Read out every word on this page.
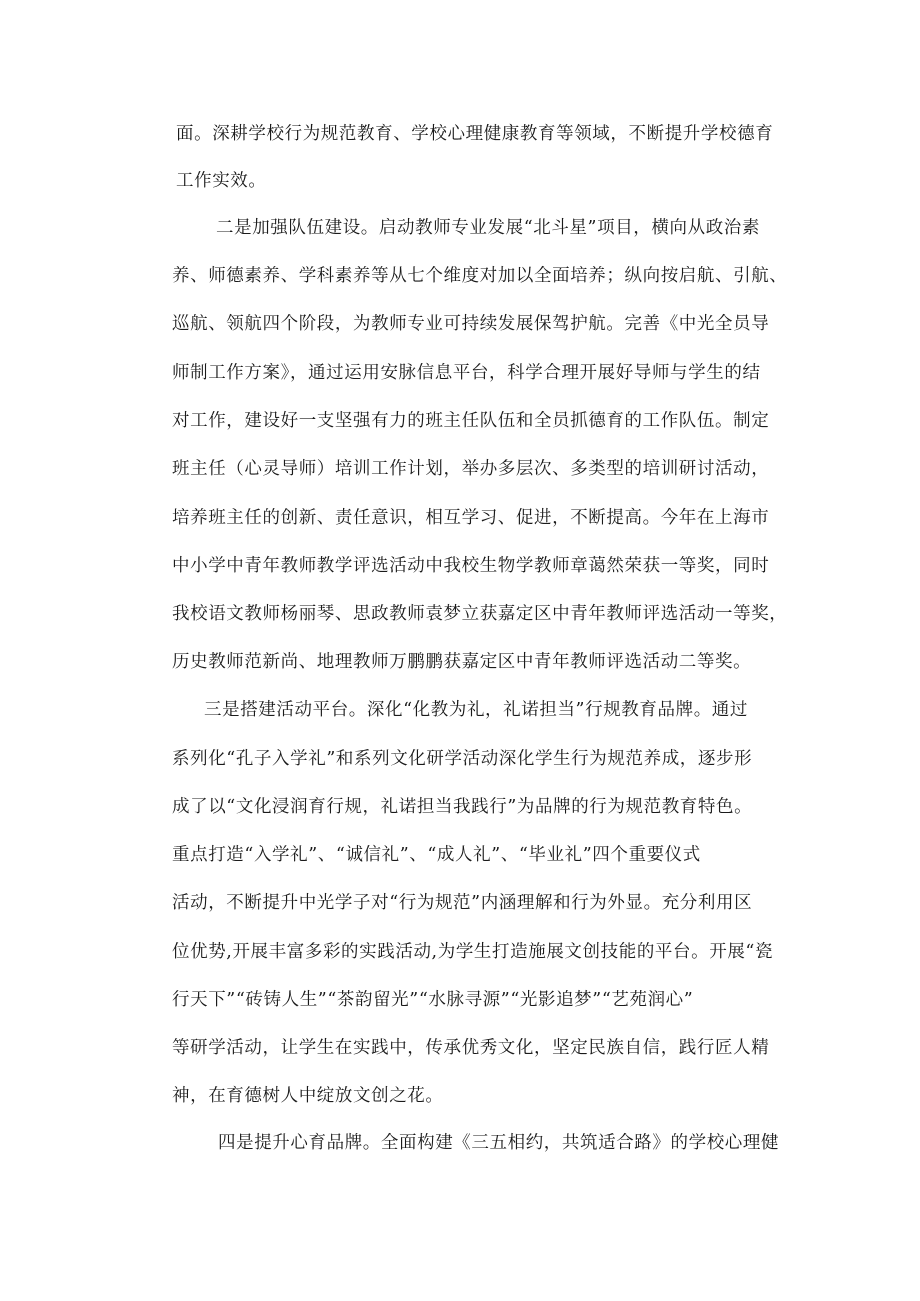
面。深耕学校行为规范教育、学校心理健康教育等领域，不断提升学校德育
工作实效。
二是加强队伍建设。启动教师专业发展“北斗星”项目，横向从政治素
养、师德素养、学科素养等从七个维度对加以全面培养；纵向按启航、引航、
巡航、领航四个阶段，为教师专业可持续发展保驾护航。完善《中光全员导
师制工作方案》，通过运用安脉信息平台，科学合理开展好导师与学生的结
对工作，建设好一支坚强有力的班主任队伍和全员抓德育的工作队伍。制定
班主任（心灵导师）培训工作计划，举办多层次、多类型的培训研讨活动，
培养班主任的创新、责任意识，相互学习、促进，不断提高。今年在上海市
中小学中青年教师教学评选活动中我校生物学教师章蔼然荣获一等奖，同时
我校语文教师杨丽琴、思政教师袁梦立获嘉定区中青年教师评选活动一等奖，
历史教师范新尚、地理教师万鹏鹏获嘉定区中青年教师评选活动二等奖。
三是搭建活动平台。深化“化教为礼，礼诺担当”行规教育品牌。通过
系列化“孔子入学礼”和系列文化研学活动深化学生行为规范养成，逐步形
成了以“文化浸润育行规，礼诺担当我践行”为品牌的行为规范教育特色。
重点打造“入学礼”、“诚信礼”、“成人礼”、“毕业礼”四个重要仪式
活动，不断提升中光学子对“行为规范”内涵理解和行为外显。充分利用区
位优势,开展丰富多彩的实践活动,为学生打造施展文创技能的平台。开展“瓷
行天下”“砖铸人生”“茶韵留光”“水脉寻源”“光影追梦”“艺苑润心”
等研学活动，让学生在实践中，传承优秀文化，坚定民族自信，践行匠人精
神，在育德树人中绽放文创之花。
四是提升心育品牌。全面构建《三五相约，共筑适合路》的学校心理健
